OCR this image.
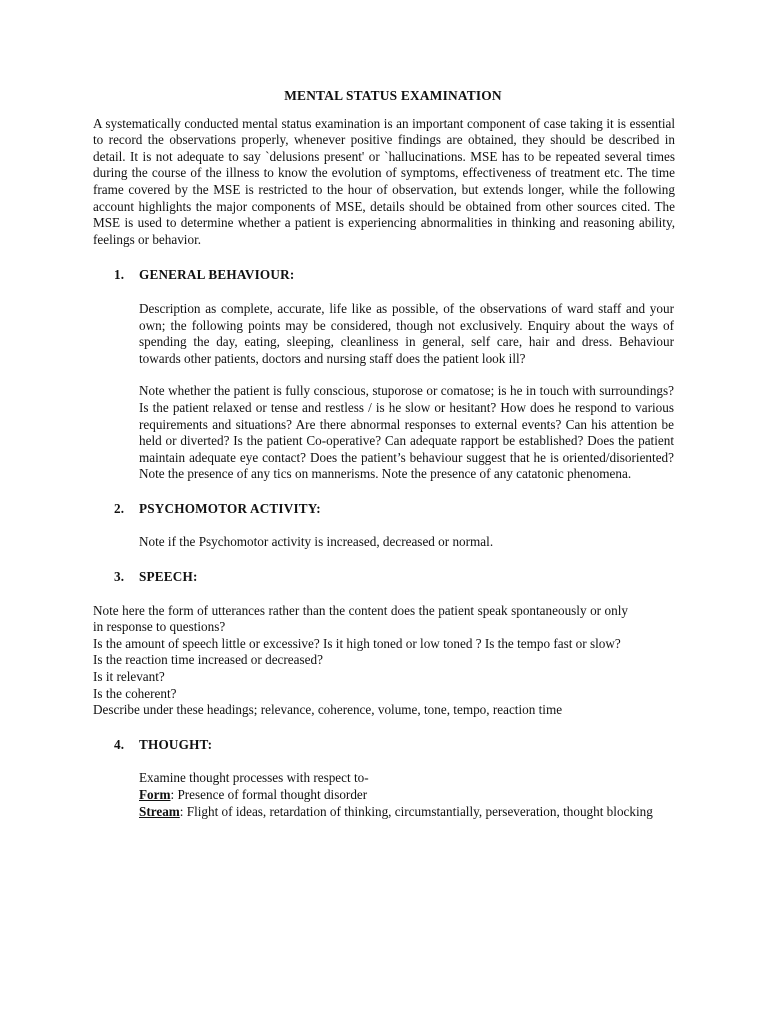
MENTAL STATUS EXAMINATION

A systematically conducted mental status examination is an important component of case taking it is essential to record the observations properly, whenever positive findings are obtained, they should be described in detail. It is not adequate to say `delusions present' or `hallucinations. MSE has to be repeated several times during the course of the illness to know the evolution of symptoms, effectiveness of treatment etc. The time frame covered by the MSE is restricted to the hour of observation, but extends longer, while the following account highlights the major components of MSE, details should be obtained from other sources cited. The MSE is used to determine whether a patient is experiencing abnormalities in thinking and reasoning ability, feelings or behavior.

1.	GENERAL BEHAVIOUR:

Description as complete, accurate, life like as possible, of the observations of ward staff and your own; the following points may be considered, though not exclusively. Enquiry about the ways of spending the day, eating, sleeping, cleanliness in general, self care, hair and dress. Behaviour towards other patients, doctors and nursing staff does the patient look ill?

Note whether the patient is fully conscious, stuporose or comatose; is he in touch with surroundings? Is the patient relaxed or tense and restless / is he slow or hesitant? How does he respond to various requirements and situations? Are there abnormal responses to external events? Can his attention be held or diverted? Is the patient Co-operative? Can adequate rapport be established? Does the patient maintain adequate eye contact? Does the patient’s behaviour suggest that he is oriented/disoriented? Note the presence of any tics on mannerisms. Note the presence of any catatonic phenomena.

2.	PSYCHOMOTOR ACTIVITY:

Note if the Psychomotor activity is increased, decreased or normal.

3.	SPEECH:

Note here the form of utterances rather than the content does the patient speak spontaneously or only in response to questions?

Is the amount of speech little or excessive? Is it high toned or low toned ? Is the tempo fast or slow?

Is the reaction time increased or decreased?

Is it relevant?

Is the coherent?

Describe under these headings; relevance, coherence, volume, tone, tempo, reaction time

4.	THOUGHT:

Examine thought processes with respect to-

Form: Presence of formal thought disorder

Stream: Flight of ideas, retardation of thinking, circumstantially, perseveration, thought blocking
